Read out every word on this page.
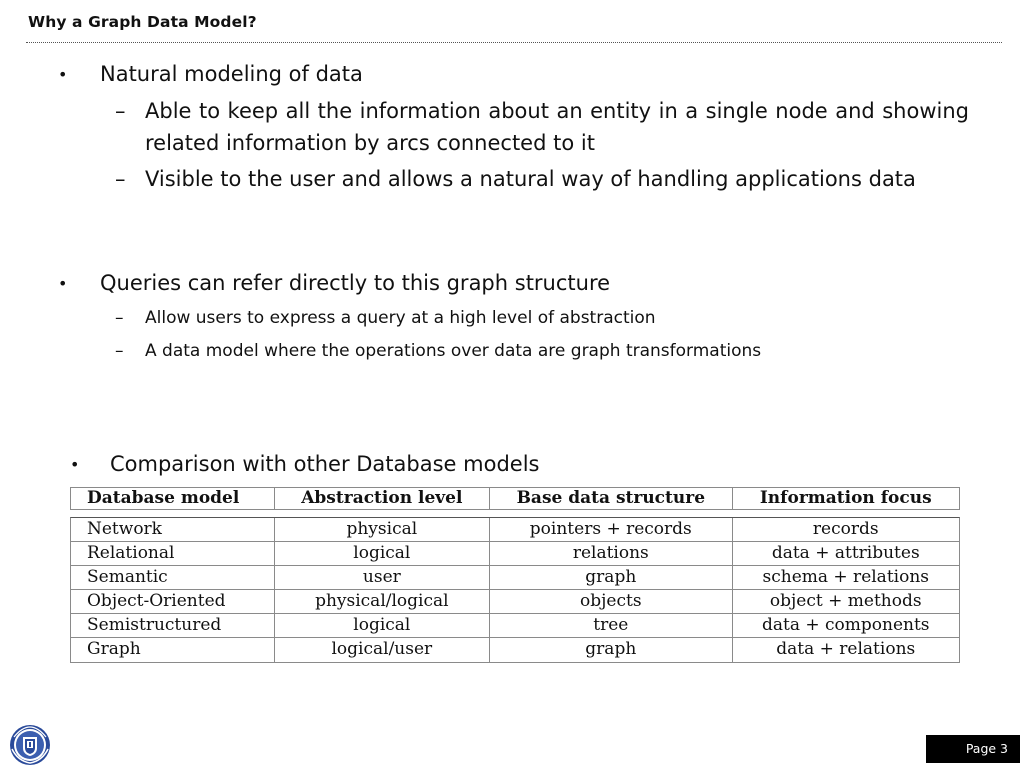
Why a Graph Data Model?
• Natural modeling of data
– Able to keep all the information about an entity in a single node and showing related information by arcs connected to it
– Visible to the user and allows a natural way of handling applications data
• Queries can refer directly to this graph structure
– Allow users to express a query at a high level of abstraction
– A data model where the operations over data are graph transformations
• Comparison with other Database models
Database model	Abstraction level	Base data structure	Information focus
Network	physical	pointers + records	records
Relational	logical	relations	data + attributes
Semantic	user	graph	schema + relations
Object-Oriented	physical/logical	objects	object + methods
Semistructured	logical	tree	data + components
Graph	logical/user	graph	data + relations
Page 3
